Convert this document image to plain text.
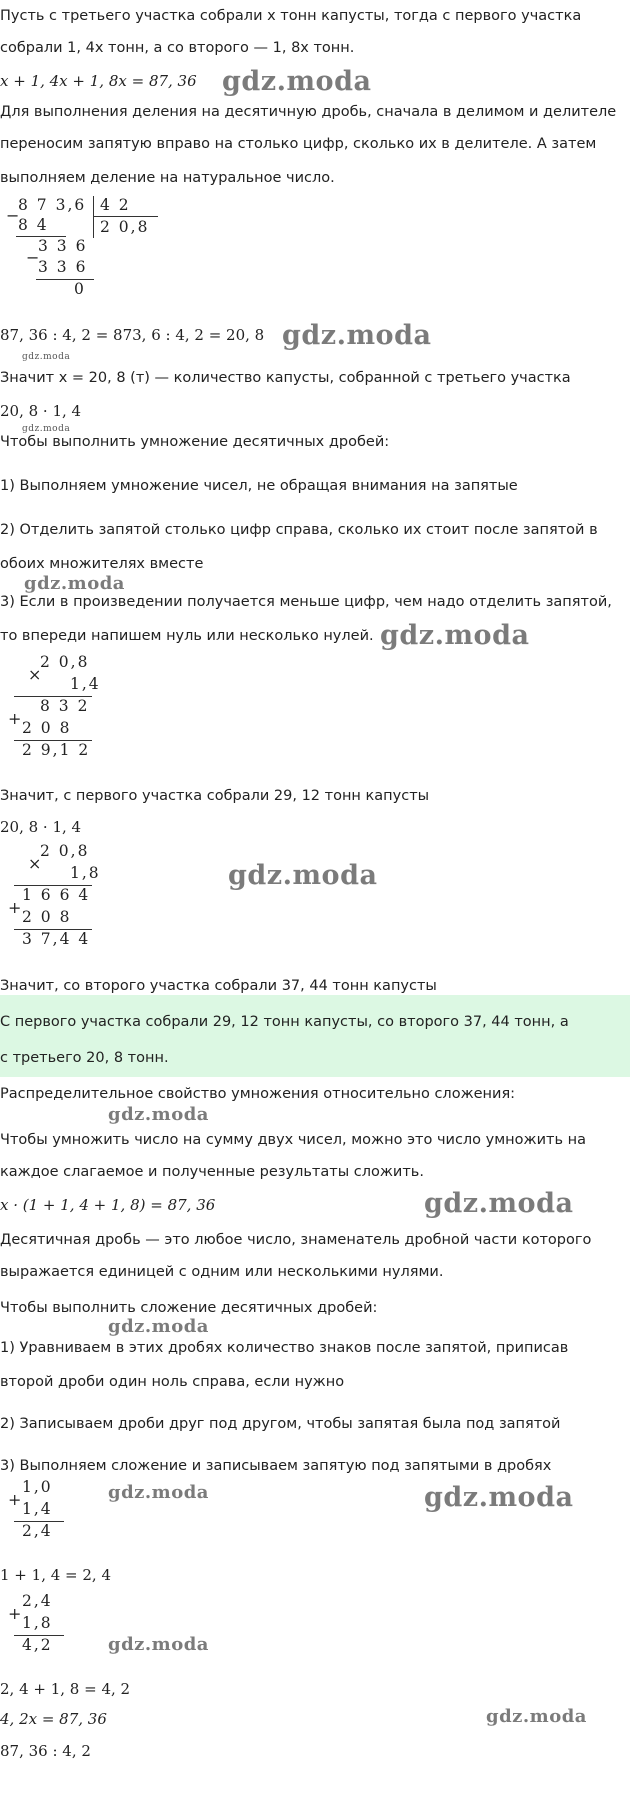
Пусть с третьего участка собрали x тонн капусты, тогда с первого участка
собрали 1, 4x тонн, а со второго — 1, 8x тонн.
x + 1, 4x + 1, 8x = 87, 36
Для выполнения деления на десятичную дробь, сначала в делимом и делителе
переносим запятую вправо на столько цифр, сколько их в делителе. А затем
выполняем деление на натуральное число.
−
8 7 3,6 4 2
8 4	2 0,8
−
3 3 6
3 3 6
0
87, 36 : 4, 2 = 873, 6 : 4, 2 = 20, 8
Значит x = 20, 8 (т) — количество капусты, собранной с третьего участка
20, 8 · 1, 4
Чтобы выполнить умножение десятичных дробей:
1) Выполняем умножение чисел, не обращая внимания на запятые
2) Отделить запятой столько цифр справа, сколько их стоит после запятой в
обоих множителях вместе
3) Если в произведении получается меньше цифр, чем надо отделить запятой,
то впереди напишем нуль или несколько нулей.
2 0,8
× 1,4
8 3 2
+ 2 0 8
2 9,1 2
Значит, с первого участка собрали 29, 12 тонн капусты
20, 8 · 1, 4
2 0,8
× 1,8
1 6 6 4
+ 2 0 8
3 7,4 4
Значит, со второго участка собрали 37, 44 тонн капусты
С первого участка собрали 29, 12 тонн капусты, со второго 37, 44 тонн, а
с третьего 20, 8 тонн.
Распределительное свойство умножения относительно сложения:
Чтобы умножить число на сумму двух чисел, можно это число умножить на
каждое слагаемое и полученные результаты сложить.
x · (1 + 1, 4 + 1, 8) = 87, 36
Десятичная дробь — это любое число, знаменатель дробной части которого
выражается единицей с одним или несколькими нулями.
Чтобы выполнить сложение десятичных дробей:
1) Уравниваем в этих дробях количество знаков после запятой, приписав
второй дроби один ноль справа, если нужно
2) Записываем дроби друг под другом, чтобы запятая была под запятой
3) Выполняем сложение и записываем запятую под запятыми в дробях
1,0
+ 1,4
2,4
1 + 1, 4 = 2, 4
2,4
+ 1,8
4,2
2, 4 + 1, 8 = 4, 2
4, 2x = 87, 36
87, 36 : 4, 2
gdz.moda
gdz.moda
gdz.moda
gdz.moda
gdz.moda
gdz.moda
gdz.moda
gdz.moda
gdz.moda
gdz.moda
gdz.moda	gdz.moda
gdz.moda
gdz.moda
